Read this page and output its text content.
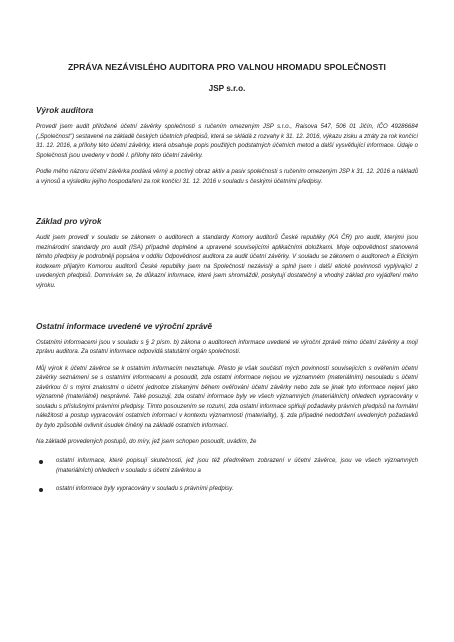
ZPRÁVA NEZÁVISLÉHO AUDITORA PRO VALNOU HROMADU SPOLEČNOSTI
JSP s.r.o.
Výrok auditora

Provedl jsem audit přiložené účetní závěrky společnosti s ručením omezeným JSP s.r.o., Raisova 547, 506 01 Jičín, IČO 49286684 („Společnost") sestavené na základě českých účetních předpisů, která se skládá z rozvahy k 31. 12. 2016, výkazu zisku a ztráty za rok končící 31. 12. 2016, a přílohy této účetní závěrky, která obsahuje popis použitých podstatných účetních metod a další vysvětlující informace. Údaje o Společnosti jsou uvedeny v bodě I. přílohy této účetní závěrky.

Podle mého názoru účetní závěrka podává věrný a poctivý obraz aktiv a pasiv společnosti s ručením omezeným JSP k 31. 12. 2016 a nákladů a výnosů a výsledku jejího hospodaření za rok končící 31. 12. 2016 v souladu s českými účetními předpisy.

Základ pro výrok

Audit jsem provedl v souladu se zákonem o auditorech a standardy Komory auditorů České republiky (KA ČR) pro audit, kterými jsou mezinárodní standardy pro audit (ISA) případně doplněné a upravené souvisejícími aplikačními doložkami. Moje odpovědnost stanovená těmito předpisy je podrobněji popsána v oddílu Odpovědnost auditora za audit účetní závěrky. V souladu se zákonem o auditorech a Etickým kodexem přijatým Komorou auditorů České republiky jsem na Společnosti nezávislý a splnil jsem i další etické povinnosti vyplývající z uvedených předpisů. Domnívám se, že důkazní informace, které jsem shromáždil, poskytují dostatečný a vhodný základ pro vyjádření mého výroku.

Ostatní informace uvedené ve výroční zprávě

Ostatními informacemi jsou v souladu s § 2 písm. b) zákona o auditorech informace uvedené ve výroční zprávě mimo účetní závěrky a mojí zprávu auditora. Za ostatní informace odpovídá statutární orgán společnosti.

Můj výrok k účetní závěrce se k ostatním informacím nevztahuje. Přesto je však součástí mých povinností souvisejících s ověřením účetní závěrky seznámení se s ostatními informacemi a posoudit, zda ostatní informace nejsou ve významném (materiálním) nesouladu s účetní závěrkou či s mými znalostmi o účetní jednotce získanými během ověřování účetní závěrky nebo zda se jinak tyto informace nejeví jako významně (materiálně) nesprávné. Také posuzuji, zda ostatní informace byly ve všech významných (materiálních) ohledech vypracovány v souladu s příslušnými právními předpisy. Tímto posouzením se rozumí, zda ostatní informace splňují požadavky právních předpisů na formální náležitosti a postup vypracování ostatních informací v kontextu významnosti (materiality), tj. zda případné nedodržení uvedených požadavků by bylo způsobilé ovlivnit úsudek činěný na základě ostatních informací.

Na základě provedených postupů, do míry, jež jsem schopen posoudit, uvádím, že

ostatní informace, které popisují skutečnosti, jež jsou též předmětem zobrazení v účetní závěrce, jsou ve všech významných (materiálních) ohledech v souladu s účetní závěrkou a

ostatní informace byly vypracovány v souladu s právními předpisy.
